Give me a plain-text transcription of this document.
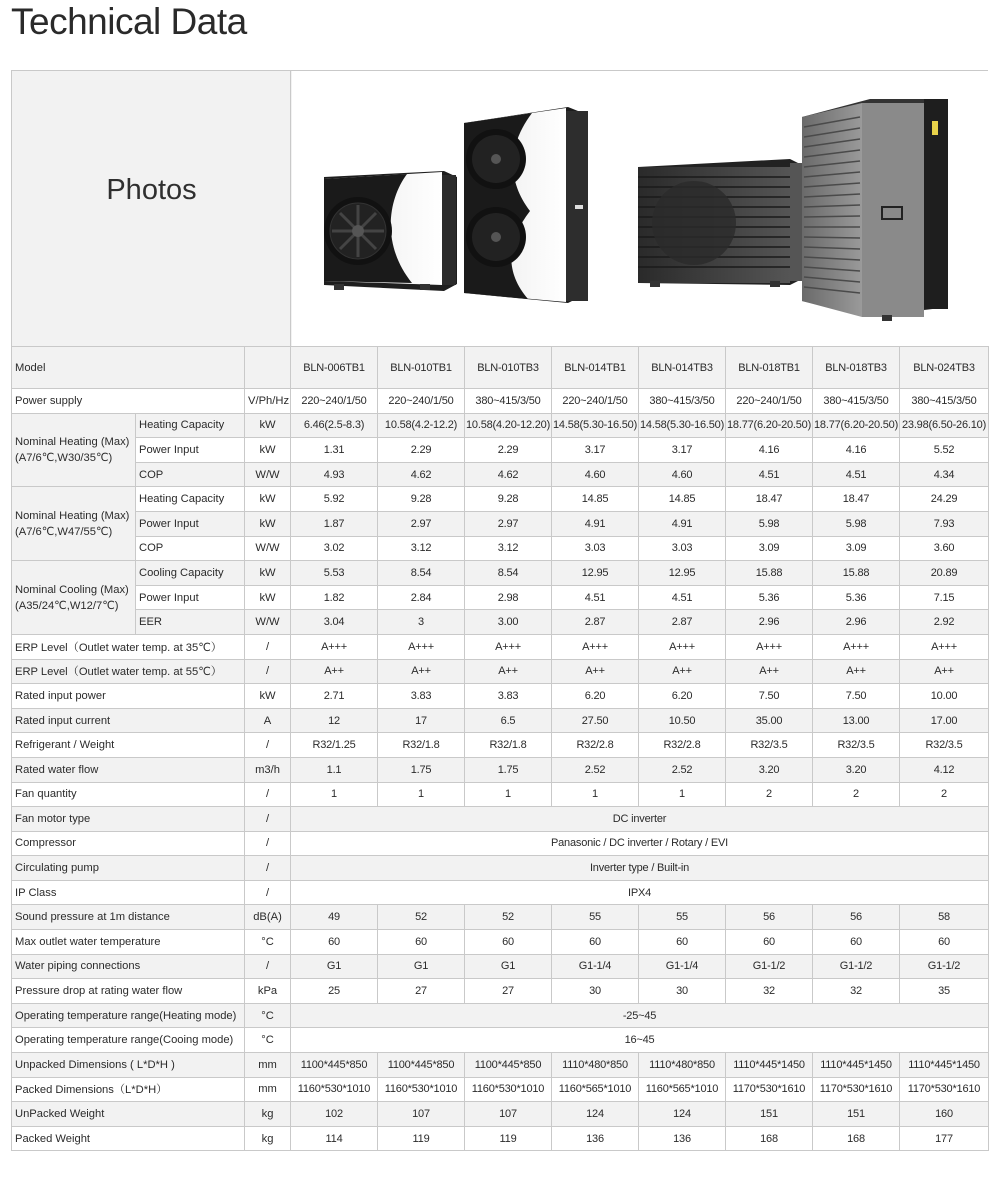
Technical Data
Photos
Model			BLN-006TB1	BLN-010TB1	BLN-010TB3	BLN-014TB1	BLN-014TB3	BLN-018TB1	BLN-018TB3	BLN-024TB3
Power supply		V/Ph/Hz	220~240/1/50	220~240/1/50	380~415/3/50	220~240/1/50	380~415/3/50	220~240/1/50	380~415/3/50	380~415/3/50
Nominal Heating (Max) (A7/6℃,W30/35℃)	Heating Capacity	kW	6.46(2.5-8.3)	10.58(4.2-12.2)	10.58(4.20-12.20)	14.58(5.30-16.50)	14.58(5.30-16.50)	18.77(6.20-20.50)	18.77(6.20-20.50)	23.98(6.50-26.10)
	Power Input	kW	1.31	2.29	2.29	3.17	3.17	4.16	4.16	5.52
	COP	W/W	4.93	4.62	4.62	4.60	4.60	4.51	4.51	4.34
Nominal Heating (Max) (A7/6℃,W47/55℃)	Heating Capacity	kW	5.92	9.28	9.28	14.85	14.85	18.47	18.47	24.29
	Power Input	kW	1.87	2.97	2.97	4.91	4.91	5.98	5.98	7.93
	COP	W/W	3.02	3.12	3.12	3.03	3.03	3.09	3.09	3.60
Nominal Cooling (Max) (A35/24℃,W12/7℃)	Cooling Capacity	kW	5.53	8.54	8.54	12.95	12.95	15.88	15.88	20.89
	Power Input	kW	1.82	2.84	2.98	4.51	4.51	5.36	5.36	7.15
	EER	W/W	3.04	3	3.00	2.87	2.87	2.96	2.96	2.92
ERP Level（Outlet water temp. at 35℃）		/	A+++	A+++	A+++	A+++	A+++	A+++	A+++	A+++
ERP Level（Outlet water temp. at 55℃）		/	A++	A++	A++	A++	A++	A++	A++	A++
Rated input power		kW	2.71	3.83	3.83	6.20	6.20	7.50	7.50	10.00
Rated input current		A	12	17	6.5	27.50	10.50	35.00	13.00	17.00
Refrigerant / Weight		/	R32/1.25	R32/1.8	R32/1.8	R32/2.8	R32/2.8	R32/3.5	R32/3.5	R32/3.5
Rated water flow		m3/h	1.1	1.75	1.75	2.52	2.52	3.20	3.20	4.12
Fan quantity		/	1	1	1	1	1	2	2	2
Fan motor type		/	DC inverter							
Compressor		/	Panasonic / DC inverter / Rotary / EVI							
Circulating pump		/	Inverter type / Built-in							
IP Class		/	IPX4							
Sound pressure at 1m distance		dB(A)	49	52	52	55	55	56	56	58
Max outlet water temperature		°C	60	60	60	60	60	60	60	60
Water piping connections		/	G1	G1	G1	G1-1/4	G1-1/4	G1-1/2	G1-1/2	G1-1/2
Pressure drop at rating water flow		kPa	25	27	27	30	30	32	32	35
Operating temperature range(Heating mode)		°C	-25~45							
Operating temperature range(Cooing mode)		°C	16~45							
Unpacked Dimensions ( L*D*H )		mm	1100*445*850	1100*445*850	1100*445*850	1110*480*850	1110*480*850	1110*445*1450	1110*445*1450	1110*445*1450
Packed Dimensions（L*D*H）		mm	1160*530*1010	1160*530*1010	1160*530*1010	1160*565*1010	1160*565*1010	1170*530*1610	1170*530*1610	1170*530*1610
UnPacked Weight		kg	102	107	107	124	124	151	151	160
Packed Weight		kg	114	119	119	136	136	168	168	177
